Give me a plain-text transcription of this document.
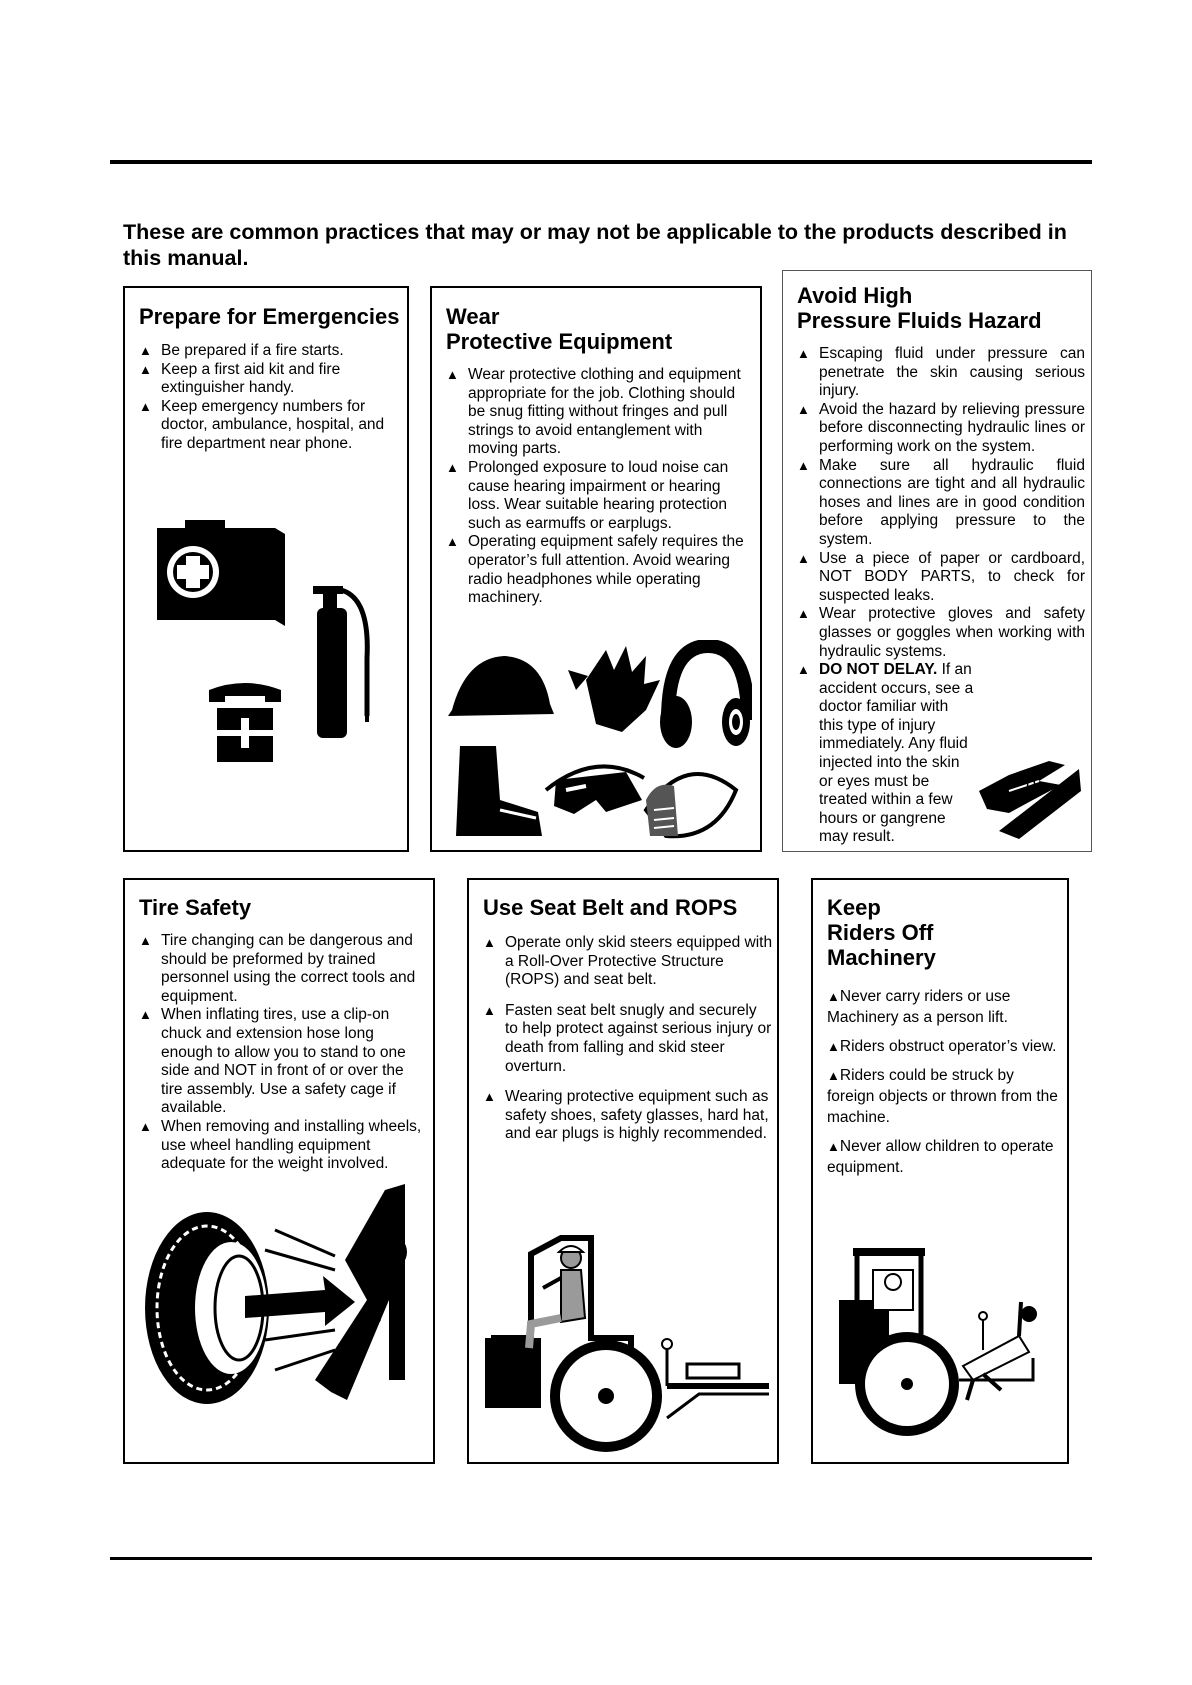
These are common practices that may or may not be applicable to the products described in this manual.
Prepare for Emergencies
▲ Be prepared if a fire starts.
▲ Keep a first aid kit and fire extinguisher handy.
▲ Keep emergency numbers for doctor, ambulance, hospital, and fire department near phone.
Wear
Protective Equipment
▲ Wear protective clothing and equipment appropriate for the job. Clothing should be snug fitting without fringes and pull strings to avoid entanglement with moving parts.
▲ Prolonged exposure to loud noise can cause hearing impairment or hearing loss. Wear suitable hearing protection such as earmuffs or earplugs.
▲ Operating equipment safely requires the operator’s full attention. Avoid wearing radio headphones while operating machinery.
Avoid High
Pressure Fluids Hazard
▲ Escaping fluid under pressure can penetrate the skin causing serious injury.
▲ Avoid the hazard by relieving pressure before disconnecting hydraulic lines or performing work on the system.
▲ Make sure all hydraulic fluid connections are tight and all hydraulic hoses and lines are in good condition before applying pressure to the system.
▲ Use a piece of paper or cardboard, NOT BODY PARTS, to check for suspected leaks.
▲ Wear protective gloves and safety glasses or goggles when working with hydraulic systems.
▲ DO NOT DELAY. If an accident occurs, see a doctor familiar with this type of injury immediately. Any fluid injected into the skin or eyes must be treated within a few hours or gangrene may result.
Tire Safety
▲ Tire changing can be dangerous and should be preformed by trained personnel using the correct tools and equipment.
▲ When inflating tires, use a clip-on chuck and extension hose long enough to allow you to stand to one side and NOT in front of or over the tire assembly. Use a safety cage if available.
▲ When removing and installing wheels, use wheel handling equipment adequate for the weight involved.
Use Seat Belt and ROPS
▲ Operate only skid steers equipped with a Roll-Over Protective Structure (ROPS) and seat belt.
▲ Fasten seat belt snugly and securely to help protect against serious injury or death from falling and skid steer overturn.
▲ Wearing protective equipment such as safety shoes, safety glasses, hard hat, and ear plugs is highly recommended.
Keep
Riders Off
Machinery
▲Never carry riders or use Machinery as a person lift.
▲Riders obstruct operator’s view.
▲Riders could be struck by foreign objects or thrown from the machine.
▲Never allow children to operate equipment.
